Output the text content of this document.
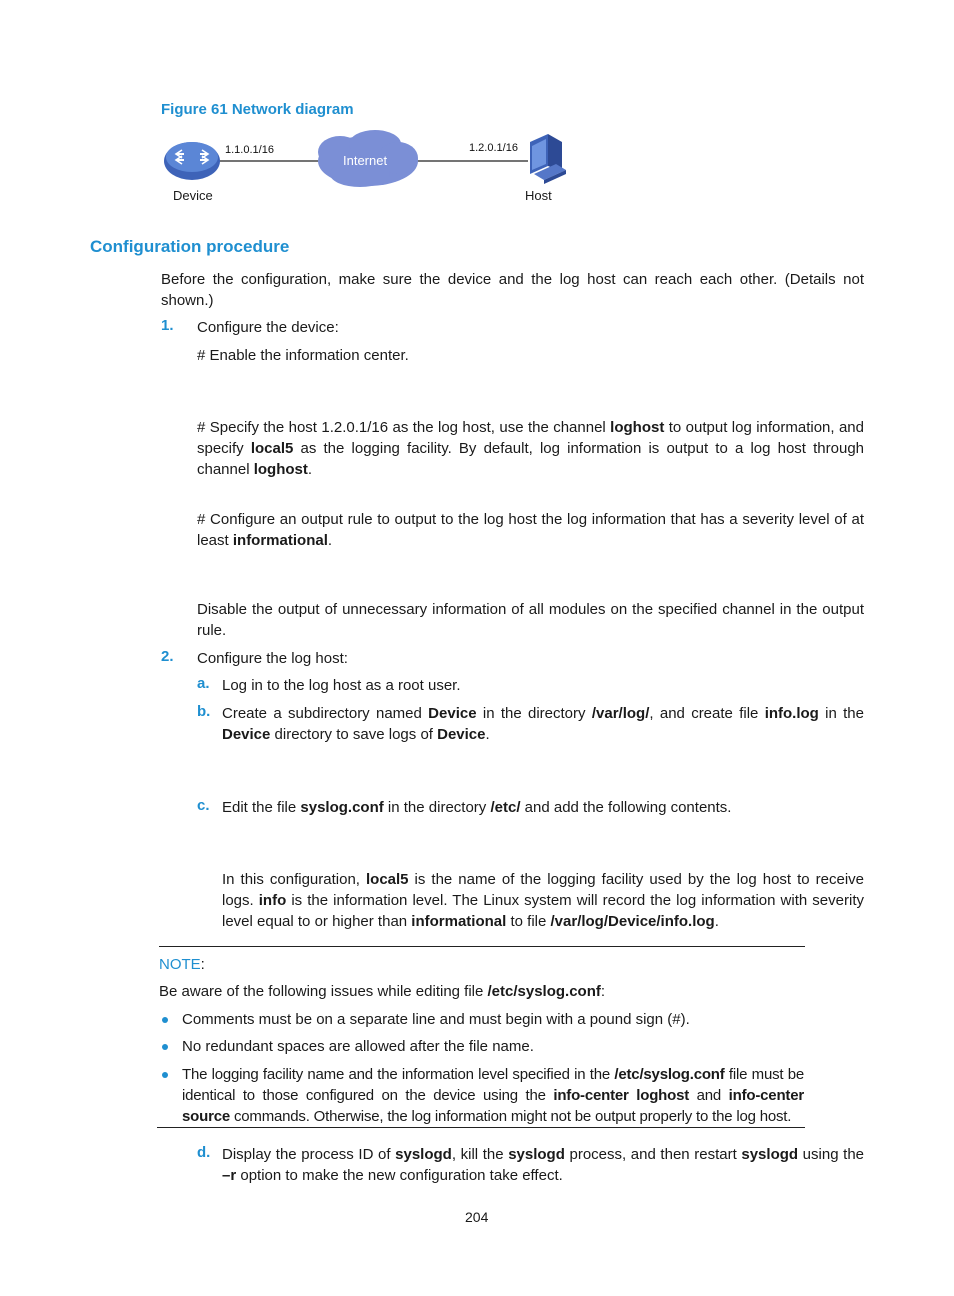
Figure 61 Network diagram
1.1.0.1/16
Internet
1.2.0.1/16
Device	Host
Configuration procedure
Before the configuration, make sure the device and the log host can reach each other. (Details not shown.)
1. Configure the device:
# Enable the information center.
# Specify the host 1.2.0.1/16 as the log host, use the channel loghost to output log information, and specify local5 as the logging facility. By default, log information is output to a log host through channel loghost.
# Configure an output rule to output to the log host the log information that has a severity level of at least informational.
Disable the output of unnecessary information of all modules on the specified channel in the output rule.
2. Configure the log host:
a. Log in to the log host as a root user.
b. Create a subdirectory named Device in the directory /var/log/, and create file info.log in the Device directory to save logs of Device.
c. Edit the file syslog.conf in the directory /etc/ and add the following contents.
In this configuration, local5 is the name of the logging facility used by the log host to receive logs. info is the information level. The Linux system will record the log information with severity level equal to or higher than informational to file /var/log/Device/info.log.
NOTE:
Be aware of the following issues while editing file /etc/syslog.conf:
Comments must be on a separate line and must begin with a pound sign (#).
No redundant spaces are allowed after the file name.
The logging facility name and the information level specified in the /etc/syslog.conf file must be identical to those configured on the device using the info-center loghost and info-center source commands. Otherwise, the log information might not be output properly to the log host.
d. Display the process ID of syslogd, kill the syslogd process, and then restart syslogd using the –r option to make the new configuration take effect.
204
